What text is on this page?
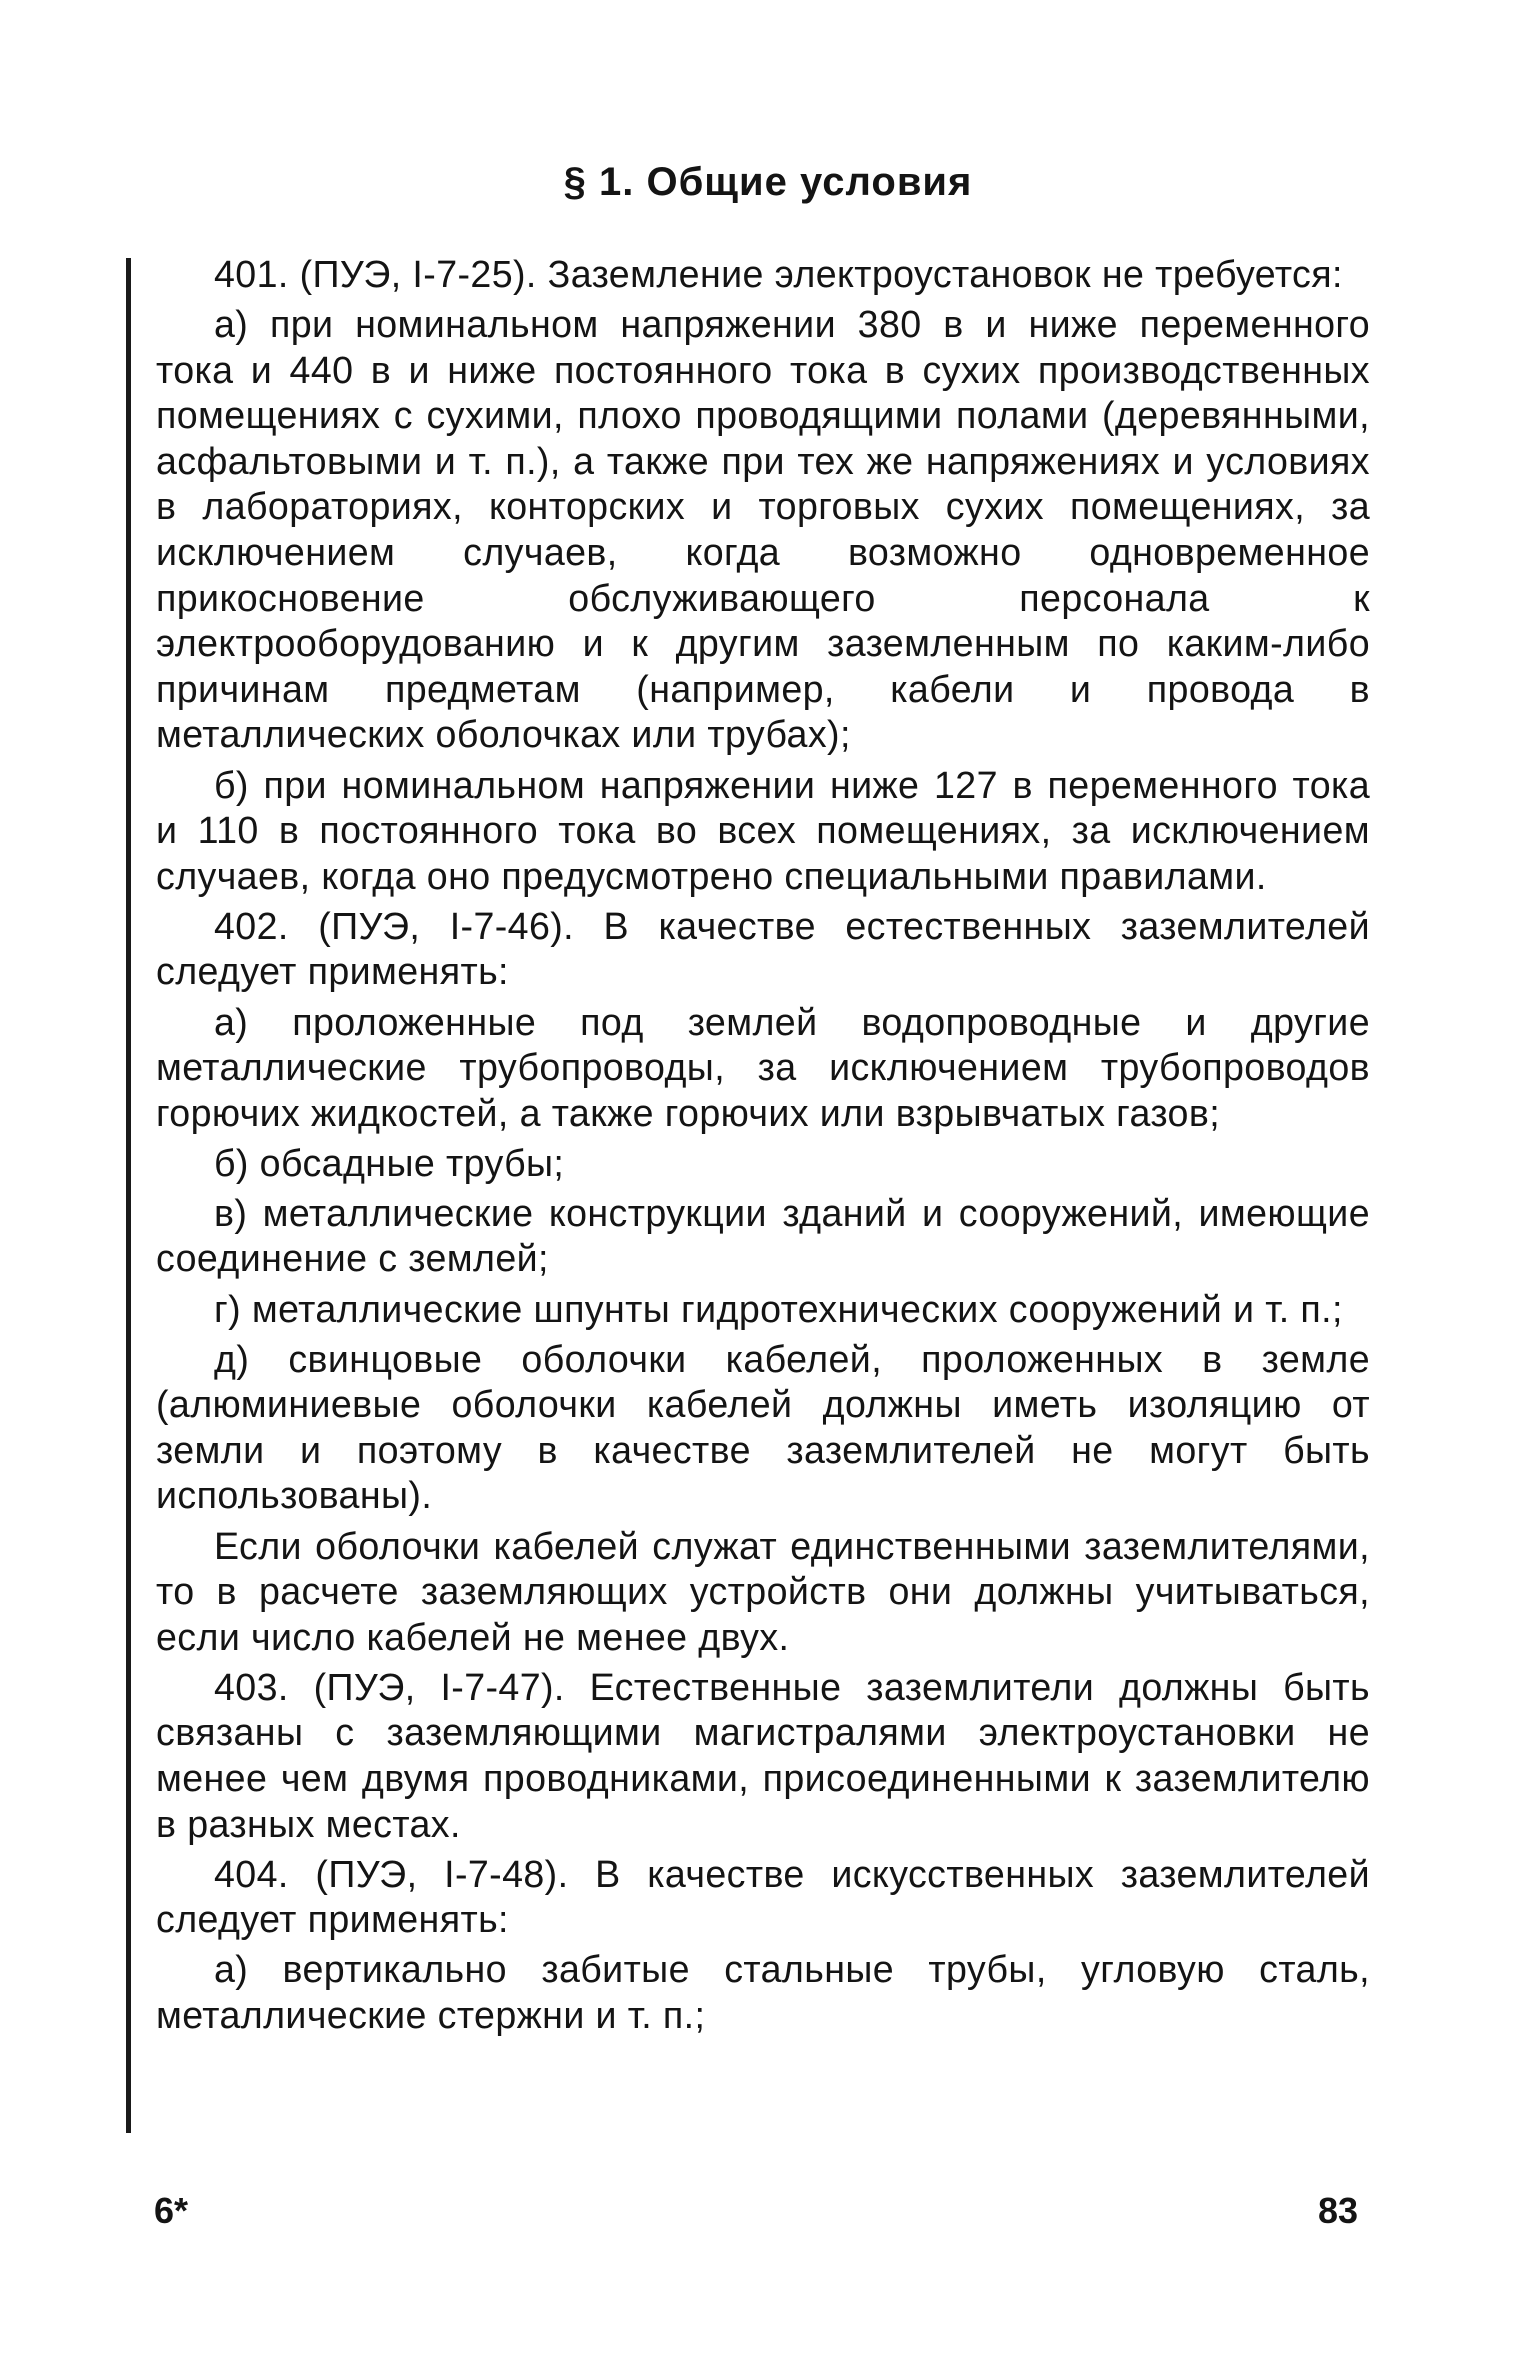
§ 1. Общие условия

401. (ПУЭ, I-7-25). Заземление электроустановок не требуется:

а) при номинальном напряжении 380 в и ниже переменного тока и 440 в и ниже постоянного тока в сухих производственных помещениях с сухими, плохо проводящими полами (деревянными, асфальтовыми и т. п.), а также при тех же напряжениях и условиях в лабораториях, конторских и торговых сухих помещениях, за исключением случаев, когда возможно одновременное прикосновение обслуживающего персонала к электрооборудованию и к другим заземленным по каким-либо причинам предметам (например, кабели и провода в металлических оболочках или трубах);

б) при номинальном напряжении ниже 127 в переменного тока и 110 в постоянного тока во всех помещениях, за исключением случаев, когда оно предусмотрено специальными правилами.

402. (ПУЭ, I-7-46). В качестве естественных заземлителей следует применять:

а) проложенные под землей водопроводные и другие металлические трубопроводы, за исключением трубопроводов горючих жидкостей, а также горючих или взрывчатых газов;

б) обсадные трубы;

в) металлические конструкции зданий и сооружений, имеющие соединение с землей;

г) металлические шпунты гидротехнических сооружений и т. п.;

д) свинцовые оболочки кабелей, проложенных в земле (алюминиевые оболочки кабелей должны иметь изоляцию от земли и поэтому в качестве заземлителей не могут быть использованы).

Если оболочки кабелей служат единственными заземлителями, то в расчете заземляющих устройств они должны учитываться, если число кабелей не менее двух.

403. (ПУЭ, I-7-47). Естественные заземлители должны быть связаны с заземляющими магистралями электроустановки не менее чем двумя проводниками, присоединенными к заземлителю в разных местах.

404. (ПУЭ, I-7-48). В качестве искусственных заземлителей следует применять:

а) вертикально забитые стальные трубы, угловую сталь, металлические стержни и т. п.;

6*	83
